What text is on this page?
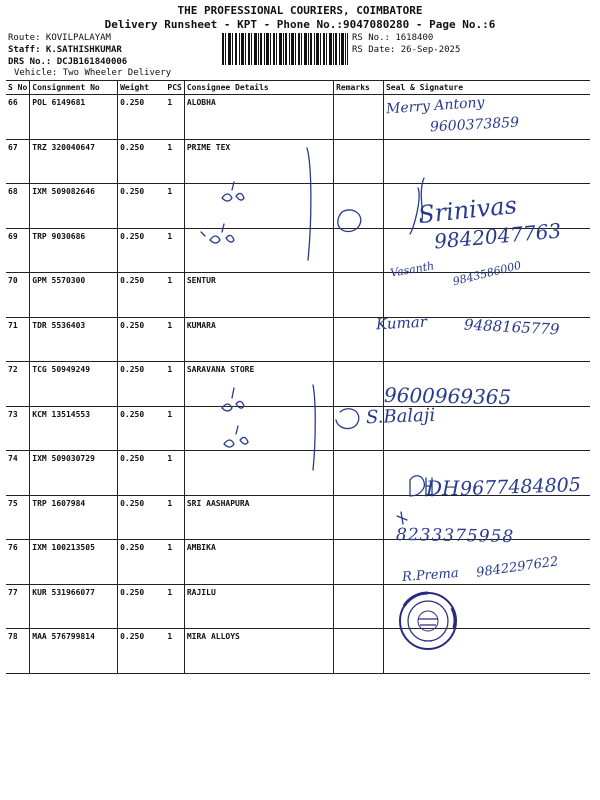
THE PROFESSIONAL COURIERS, COIMBATORE
Delivery Runsheet - KPT - Phone No.:9047080280 - Page No.:6
Route: KOVILPALAYAM
Staff: K.SATHISHKUMAR
DRS No.: DCJB161840006
Vehicle: Two Wheeler Delivery
RS No.: 1618400
RS Date: 26-Sep-2025
S No	Consignment No	Weight	PCS	Consignee Details	Remarks	Seal & Signature
66	POL 6149681	0.250	1	ALOBHA		
67	TRZ 320040647	0.250	1	PRIME TEX		
68	IXM 509082646	0.250	1			
69	TRP 9030686	0.250	1			
70	GPM 5570300	0.250	1	SENTUR		
71	TDR 5536403	0.250	1	KUMARA		
72	TCG 50949249	0.250	1	SARAVANA STORE		
73	KCM 13514553	0.250	1			
74	IXM 509030729	0.250	1			
75	TRP 1607984	0.250	1	SRI AASHAPURA		
76	IXM 100213505	0.250	1	AMBIKA		
77	KUR 531966077	0.250	1	RAJILU		
78	MAA 576799814	0.250	1	MIRA ALLOYS		
Merry Antony
9600373859
Srinivas
9842047763
Vasanth 9843586000
Kumar 9488165779
9600969365
S.Balaji
DH 9677484805
8233375958
R.Prema 9842297622
